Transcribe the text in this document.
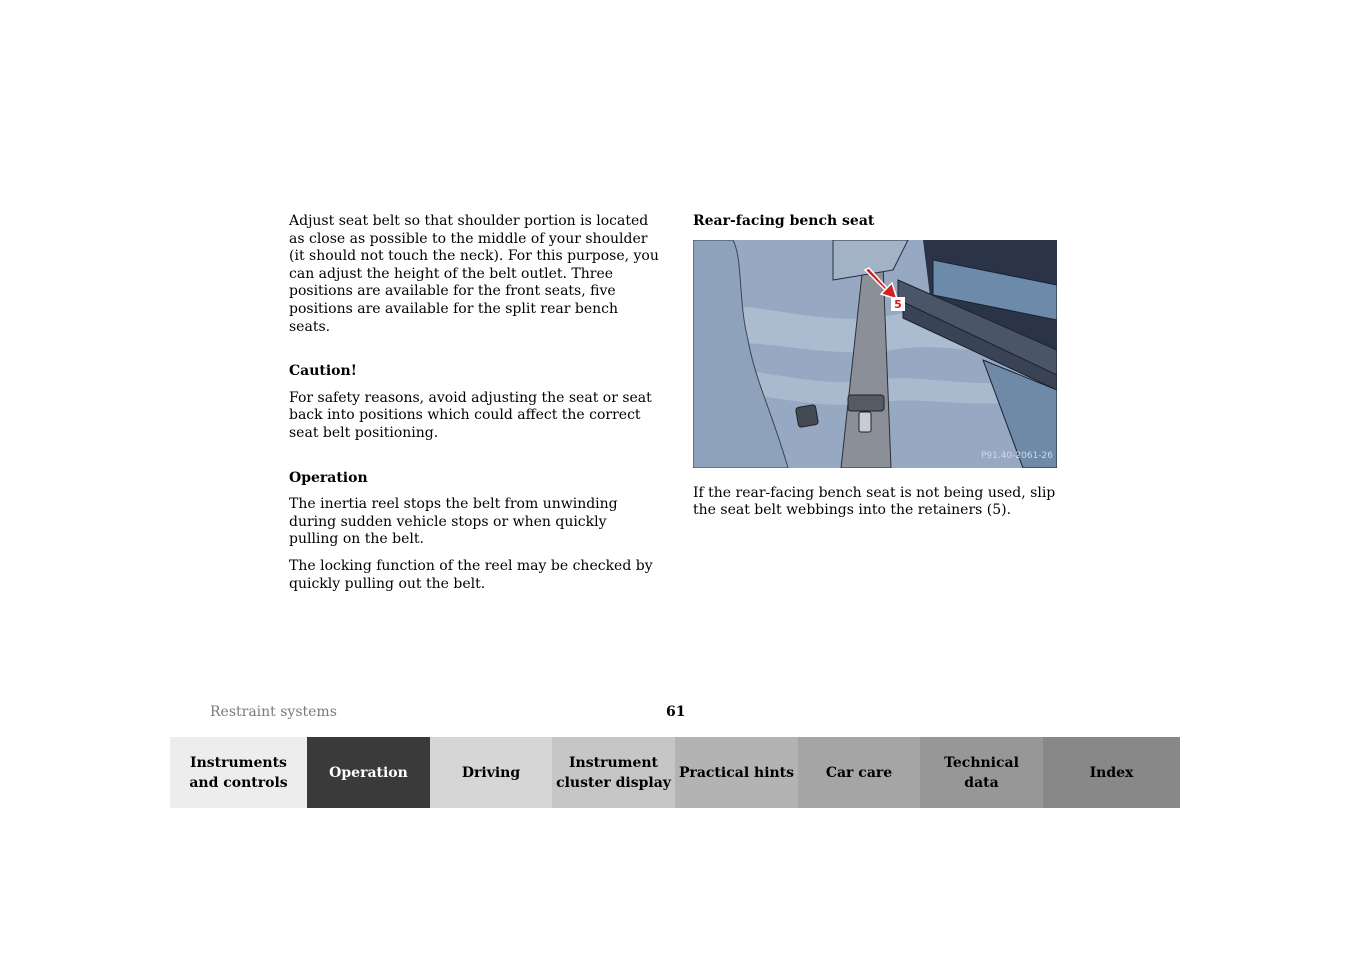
Adjust seat belt so that shoulder portion is located as close as possible to the middle of your shoulder (it should not touch the neck). For this purpose, you can adjust the height of the belt outlet. Three positions are available for the front seats, five positions are available for the split rear bench seats.

Caution!

For safety reasons, avoid adjusting the seat or seat back into positions which could affect the correct seat belt positioning.

Operation

The inertia reel stops the belt from unwinding during sudden vehicle stops or when quickly pulling on the belt.

The locking function of the reel may be checked by quickly pulling out the belt.

Rear-facing bench seat
5
P91.40-2061-26

If the rear-facing bench seat is not being used, slip the seat belt webbings into the retainers (5).

Restraint systems	61
Instruments
and controls
Operation	Driving
Instrument
cluster display
Practical hints	Car care
Technical
data
Index
